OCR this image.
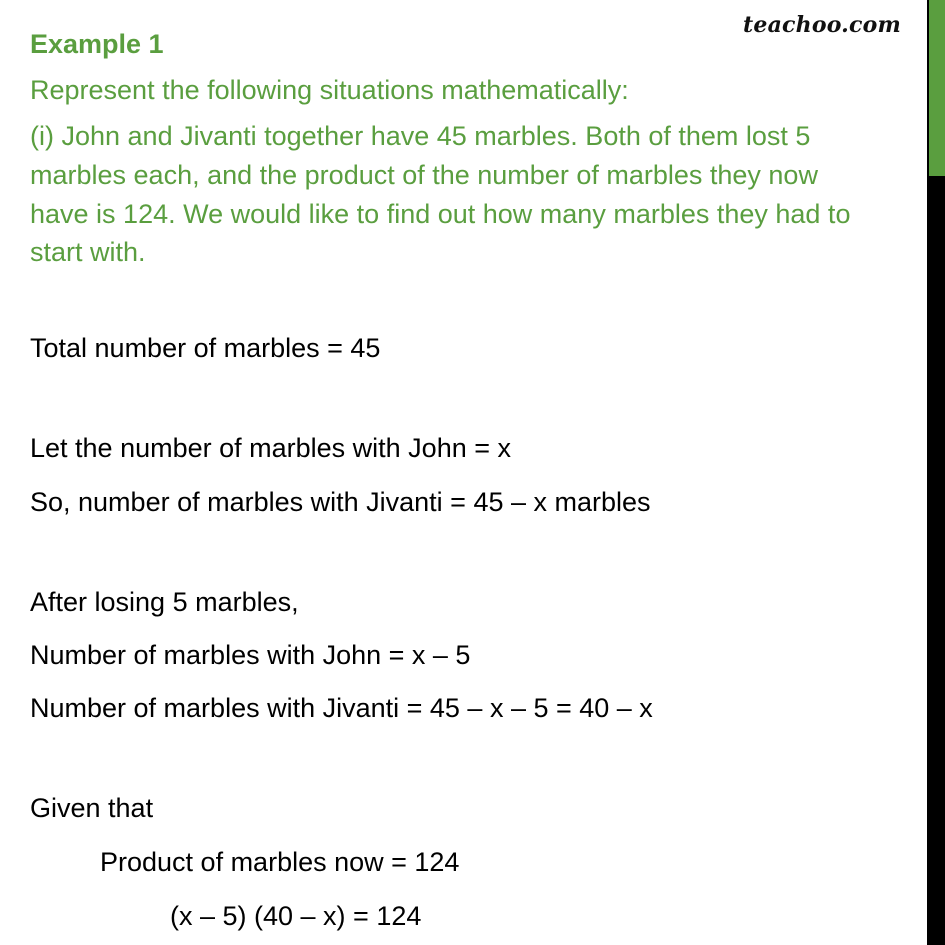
teachoo.com
Example 1
Represent the following situations mathematically:
(i) John and Jivanti together have 45 marbles. Both of them lost 5
marbles each, and the product of the number of marbles they now
have is 124. We would like to find out how many marbles they had to
start with.
Total number of marbles = 45
Let the number of marbles with John = x
So, number of marbles with Jivanti = 45 – x marbles
After losing 5 marbles,
Number of marbles with John = x – 5
Number of marbles with Jivanti = 45 – x – 5 = 40 – x
Given that
Product of marbles now = 124
(x – 5) (40 – x) = 124
